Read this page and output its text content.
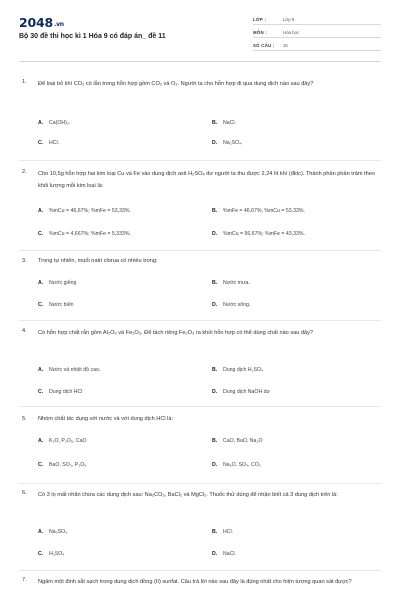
2048.vn
Bộ 30 đề thi học kì 1 Hóa 9 có đáp án_ đề 11
LỚP :	Lớp 9
MÔN :	Hóa học
SỐ CÂU : 16
1. Để loại bỏ khí CO₂ có lẫn trong hỗn hợp gồm CO₂ và O₂. Người ta cho hỗn hợp đi qua dung dịch nào sau đây?
A. Ca(OH)₂.	B. NaCl.
C. HCl.	D. Na₂SO₄.
2. Cho 10,5g hỗn hợp hai kim loại Cu và Fe vào dung dịch axit H₂SO₄ dư người ta thu được 2,24 lít khí (đktc). Thành phần phần trăm theo khối lượng mỗi kim loại là:
A. %mCu = 46,67%; %mFe = 53,33%.	B. %mFe = 46,67%; %mCu = 53,33%.
C. %mCu = 4,667%; %mFe = 5,333%.	D. %mCu = 56,67%; %mFe = 43,33%.
3. Trong tự nhiên, muối natri clorua có nhiều trong:
A. Nước giếng	B. Nước mưa.
C. Nước biển	D. Nước sông.
4. Có hỗn hợp chất rắn gồm Al₂O₃ và Fe₂O₃. Để tách riêng Fe₂O₃ ra khỏi hỗn hợp có thể dùng chất nào sau đây?
A. Nước và nhiệt độ cao.	B. Dung dịch H₂SO₄
C. Dung dịch HCl	D. Dung dịch NaOH dư
5. Nhóm chất tác dụng với nước và với dung dịch HCl là:
A. K₂O, P₂O₅, CaO	B. CaO, BaO, Na₂O
C. BaO, SO₃, P₂O₅	D. Na₂O, SO₃, CO₂
6. Có 3 lọ mất nhãn chứa các dung dịch sau: Na₂CO₃, BaCl₂ và MgCl₂. Thuốc thử dùng để nhận biết cả 3 dung dịch trên là:
A. Na₂SO₄	B. HCl.
C. H₂SO₄	D. NaCl.
7. Ngâm một đinh sắt sạch trong dung dịch đồng (II) sunfat. Câu trả lời nào sau đây là đúng nhất cho hiện tượng quan sát được?
